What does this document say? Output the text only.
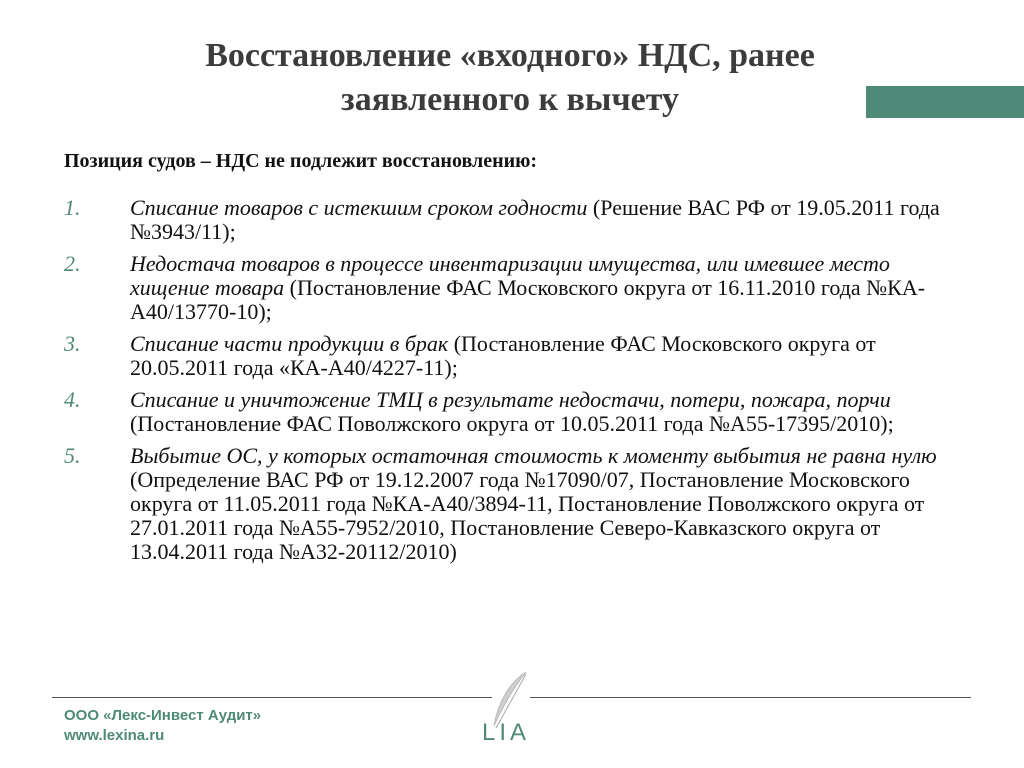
Восстановление «входного» НДС, ранее
заявленного к вычету
Позиция судов – НДС не подлежит восстановлению:
1.	Списание товаров с истекшим сроком годности (Решение ВАС РФ от 19.05.2011 года №3943/11);
2.	Недостача товаров в процессе инвентаризации имущества, или имевшее место хищение товара (Постановление ФАС Московского округа от 16.11.2010 года №КА-А40/13770-10);
3.	Списание части продукции в брак (Постановление ФАС Московского округа от 20.05.2011 года «КА-А40/4227-11);
4.	Списание и уничтожение ТМЦ в результате недостачи, потери, пожара, порчи (Постановление ФАС Поволжского округа от 10.05.2011 года №А55-17395/2010);
5.	Выбытие ОС, у которых остаточная стоимость к моменту выбытия не равна нулю (Определение ВАС РФ от 19.12.2007 года №17090/07, Постановление Московского округа от 11.05.2011 года №КА-А40/3894-11, Постановление Поволжского округа от 27.01.2011 года №А55-7952/2010, Постановление Северо-Кавказского округа от 13.04.2011 года №А32-20112/2010)
ООО «Лекс-Инвест Аудит»
www.lexina.ru	LIA
